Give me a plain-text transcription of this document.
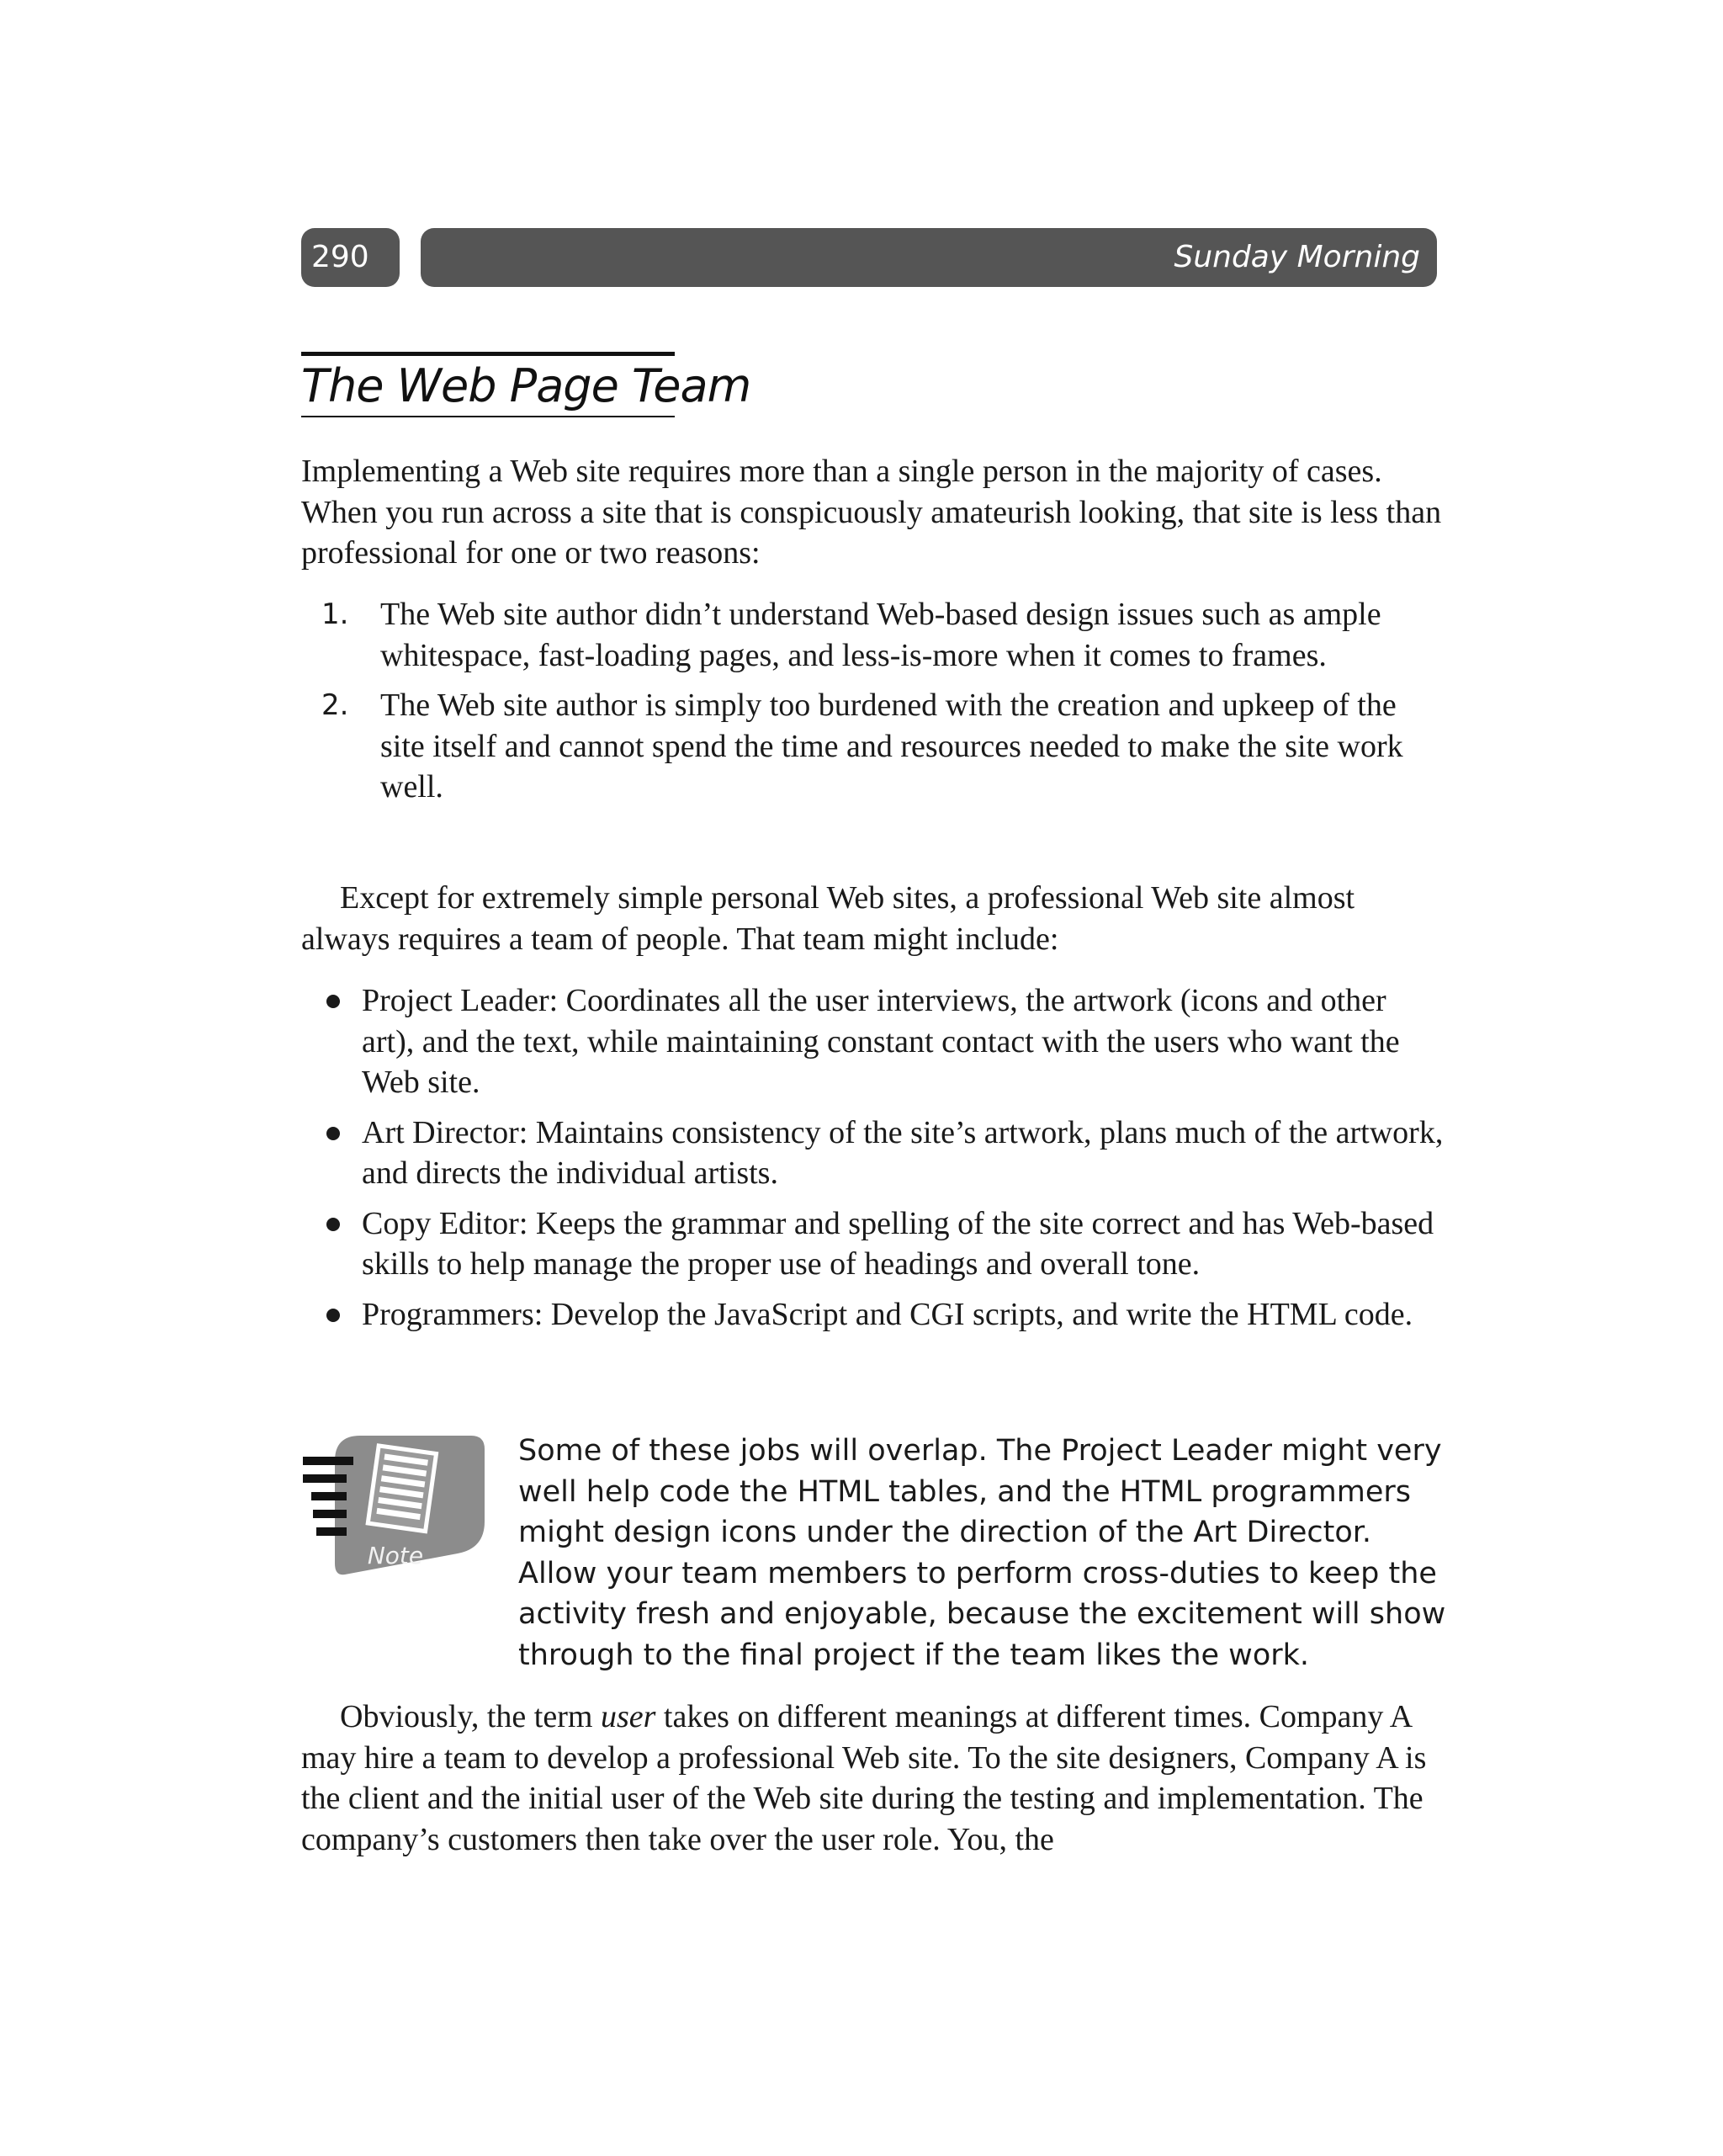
290	Sunday Morning
The Web Page Team

Implementing a Web site requires more than a single person in the majority of cases. When you run across a site that is conspicuously amateurish looking, that site is less than professional for one or two reasons:

1. The Web site author didn’t understand Web-based design issues such as ample whitespace, fast-loading pages, and less-is-more when it comes to frames.
2. The Web site author is simply too burdened with the creation and upkeep of the site itself and cannot spend the time and resources needed to make the site work well.

Except for extremely simple personal Web sites, a professional Web site almost always requires a team of people. That team might include:

Project Leader: Coordinates all the user interviews, the artwork (icons and other art), and the text, while maintaining constant contact with the users who want the Web site.
Art Director: Maintains consistency of the site’s artwork, plans much of the artwork, and directs the individual artists.
Copy Editor: Keeps the grammar and spelling of the site correct and has Web-based skills to help manage the proper use of headings and overall tone.
Programmers: Develop the JavaScript and CGI scripts, and write the HTML code.
Note

Some of these jobs will overlap. The Project Leader might very well help code the HTML tables, and the HTML programmers might design icons under the direction of the Art Director. Allow your team members to perform cross-duties to keep the activity fresh and enjoyable, because the excitement will show through to the final project if the team likes the work.

Obviously, the term user takes on different meanings at different times. Company A may hire a team to develop a professional Web site. To the site designers, Company A is the client and the initial user of the Web site during the testing and implementation. The company’s customers then take over the user role. You, the
